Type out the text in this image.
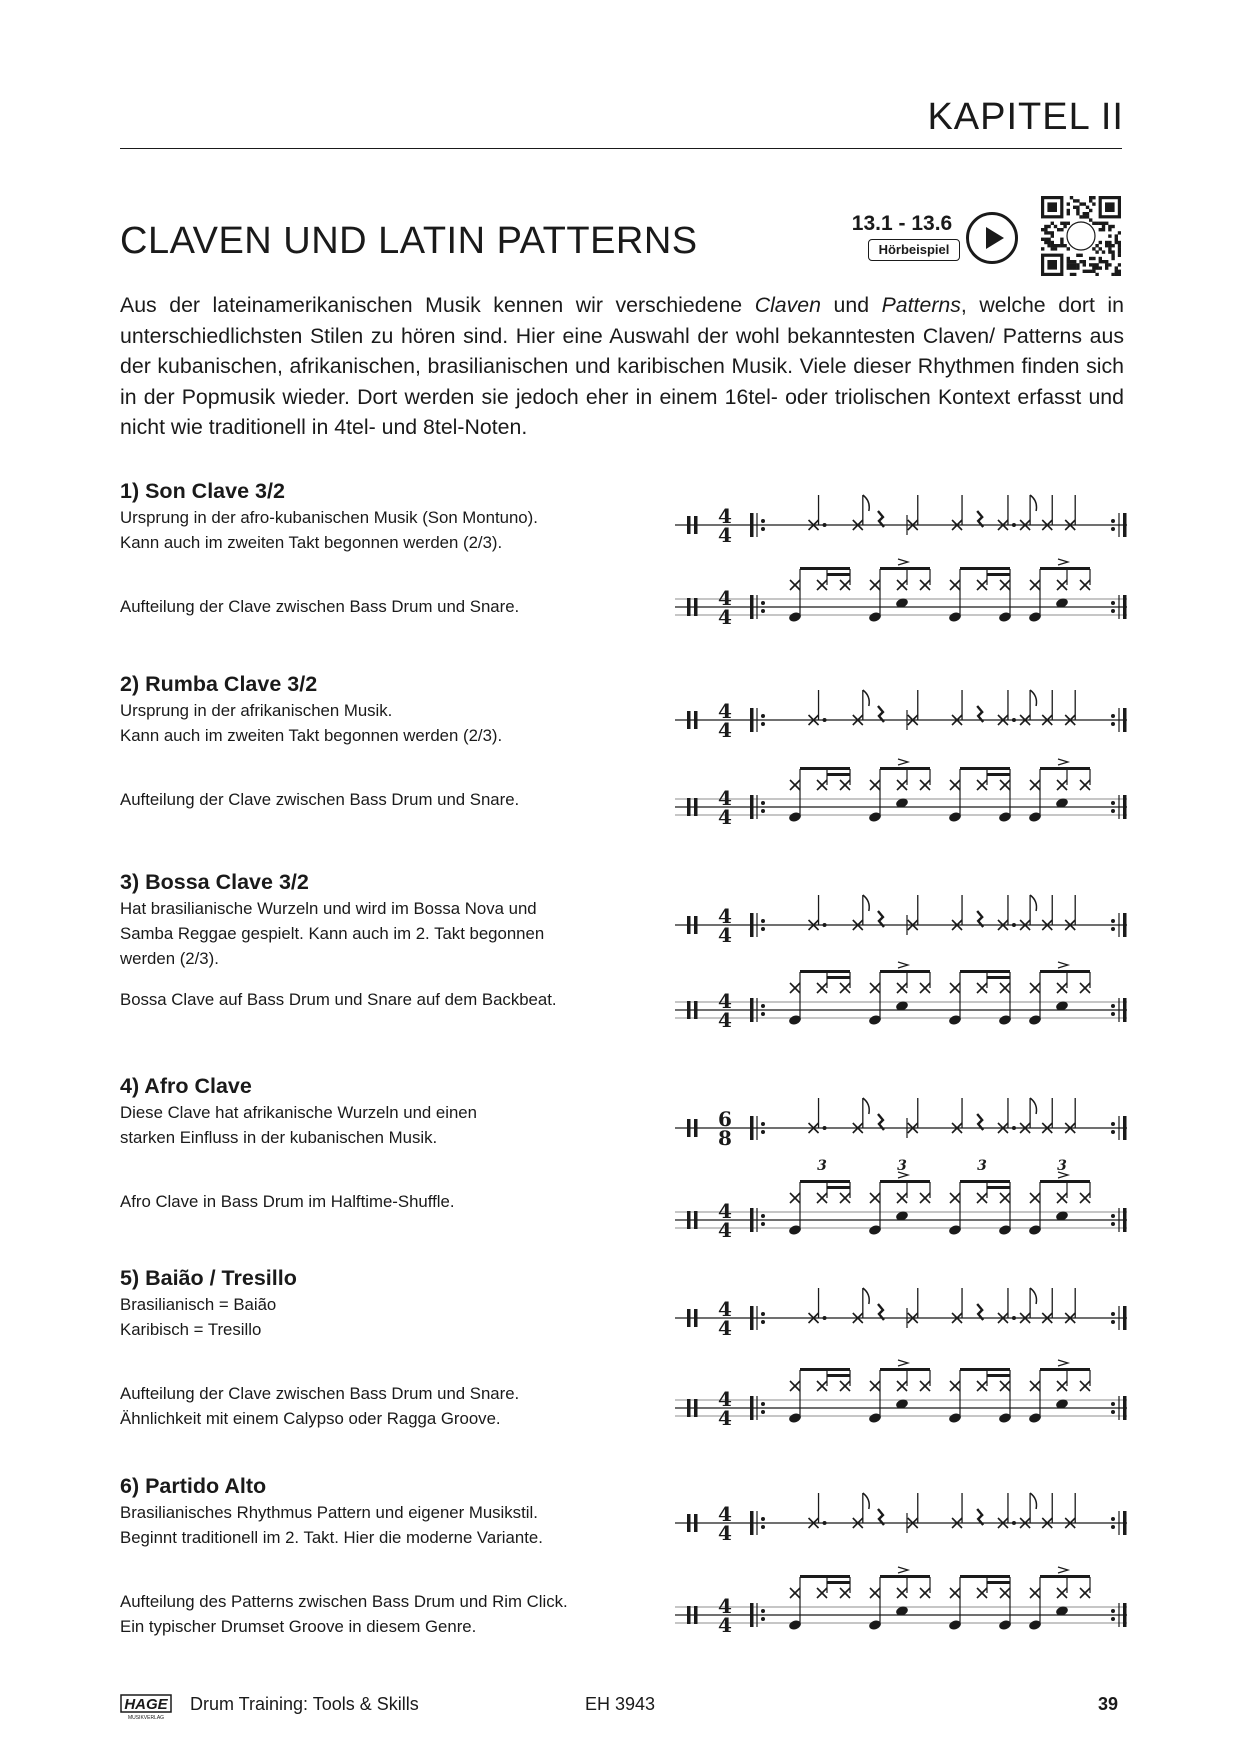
KAPITEL II
CLAVEN UND LATIN PATTERNS	13.1 - 13.6
Hörbeispiel
Aus der lateinamerikanischen Musik kennen wir verschiedene Claven und Patterns, welche dort in unterschiedlichsten Stilen zu hören sind. Hier eine Auswahl der wohl bekanntesten Claven/ Patterns aus der kubanischen, afrikanischen, brasilianischen und karibischen Musik. Viele dieser Rhythmen finden sich in der Popmusik wieder. Dort werden sie jedoch eher in einem 16tel- oder triolischen Kontext erfasst und nicht wie traditionell in 4tel- und 8tel-Noten.
1) Son Clave 3/2

Ursprung in der afro-kubanischen Musik (Son Montuno).

Kann auch im zweiten Takt begonnen werden (2/3).

Aufteilung der Clave zwischen Bass Drum und Snare.

2) Rumba Clave 3/2

Ursprung in der afrikanischen Musik.

Kann auch im zweiten Takt begonnen werden (2/3).

Aufteilung der Clave zwischen Bass Drum und Snare.

3) Bossa Clave 3/2

Hat brasilianische Wurzeln und wird im Bossa Nova und

Samba Reggae gespielt. Kann auch im 2. Takt begonnen

werden (2/3).

Bossa Clave auf Bass Drum und Snare auf dem Backbeat.

4) Afro Clave

Diese Clave hat afrikanische Wurzeln und einen

starken Einfluss in der kubanischen Musik.

Afro Clave in Bass Drum im Halftime-Shuffle.

5) Baião / Tresillo

Brasilianisch = Baião

Karibisch = Tresillo

Aufteilung der Clave zwischen Bass Drum und Snare.

Ähnlichkeit mit einem Calypso oder Ragga Groove.

6) Partido Alto

Brasilianisches Rhythmus Pattern und eigener Musikstil.

Beginnt traditionell im 2. Takt. Hier die moderne Variante.

Aufteilung des Patterns zwischen Bass Drum und Rim Click.

Ein typischer Drumset Groove in diesem Genre.

4
4
4
4
4
4
4
4
4
4
4
4
6
8
4
4
3	3	3	3
4
4
4
4
4
4
4
4
HAGE
MUSIKVERLAG
Drum Training: Tools & Skills	EH 3943	39
